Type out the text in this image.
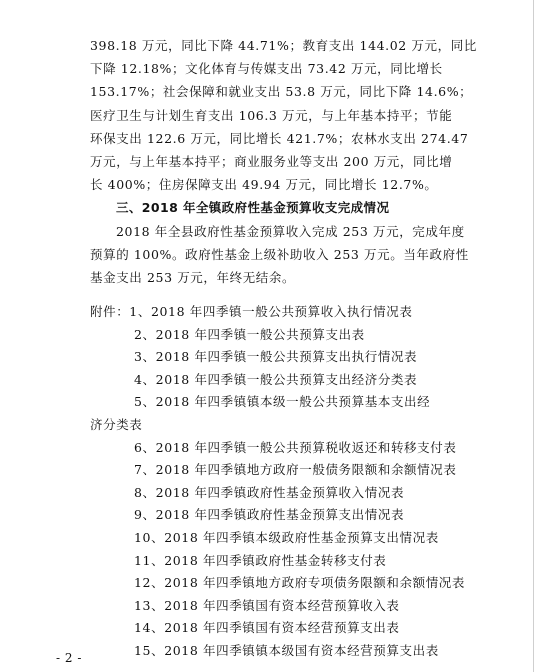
398.18 万元，同比下降 44.71%；教育支出 144.02 万元，同比
下降 12.18%；文化体育与传媒支出 73.42 万元，同比增长
153.17%；社会保障和就业支出 53.8 万元，同比下降 14.6%；
医疗卫生与计划生育支出 106.3 万元，与上年基本持平；节能
环保支出 122.6 万元，同比增长 421.7%；农林水支出 274.47
万元，与上年基本持平；商业服务业等支出 200 万元，同比增
长 400%；住房保障支出 49.94 万元，同比增长 12.7%。
三、2018 年全镇政府性基金预算收支完成情况
2018 年全县政府性基金预算收入完成 253 万元，完成年度
预算的 100%。政府性基金上级补助收入 253 万元。当年政府性
基金支出 253 万元，年终无结余。
附件：1、2018 年四季镇一般公共预算收入执行情况表
2、2018 年四季镇一般公共预算支出表
3、2018 年四季镇一般公共预算支出执行情况表
4、2018 年四季镇一般公共预算支出经济分类表
5、2018 年四季镇镇本级一般公共预算基本支出经
济分类表
6、2018 年四季镇一般公共预算税收返还和转移支付表
7、2018 年四季镇地方政府一般债务限额和余额情况表
8、2018 年四季镇政府性基金预算收入情况表
9、2018 年四季镇政府性基金预算支出情况表
10、2018 年四季镇本级政府性基金预算支出情况表
11、2018 年四季镇政府性基金转移支付表
12、2018 年四季镇地方政府专项债务限额和余额情况表
13、2018 年四季镇国有资本经营预算收入表
14、2018 年四季镇国有资本经营预算支出表
15、2018 年四季镇镇本级国有资本经营预算支出表
- 2 -
